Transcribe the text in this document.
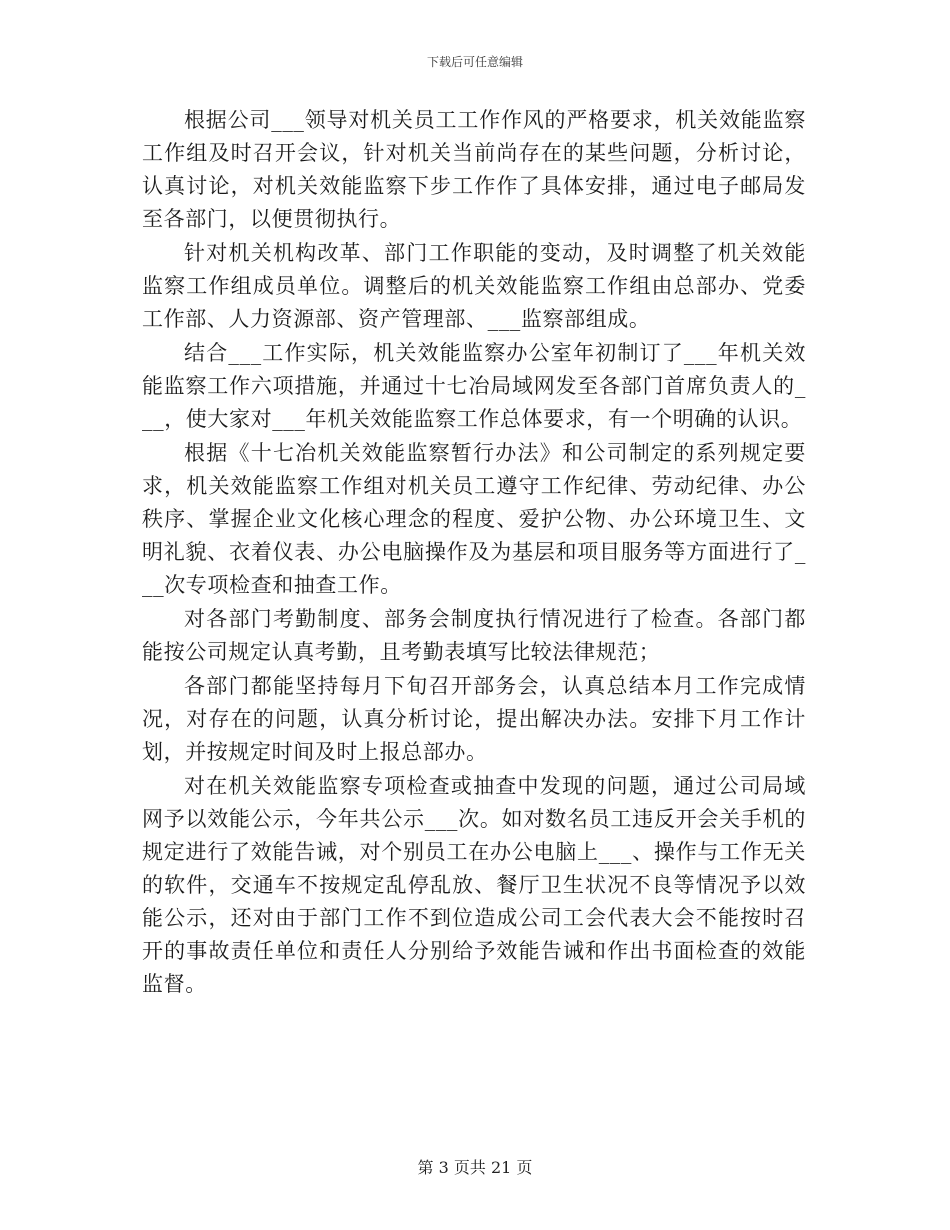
下载后可任意编辑

根据公司___领导对机关员工工作作风的严格要求，机关效能监察工作组及时召开会议，针对机关当前尚存在的某些问题，分析讨论，认真讨论，对机关效能监察下步工作作了具体安排，通过电子邮局发至各部门，以便贯彻执行。

针对机关机构改革、部门工作职能的变动，及时调整了机关效能监察工作组成员单位。调整后的机关效能监察工作组由总部办、党委工作部、人力资源部、资产管理部、___监察部组成。

结合___工作实际，机关效能监察办公室年初制订了___年机关效能监察工作六项措施，并通过十七冶局域网发至各部门首席负责人的___，使大家对___年机关效能监察工作总体要求，有一个明确的认识。

根据《十七冶机关效能监察暂行办法》和公司制定的系列规定要求，机关效能监察工作组对机关员工遵守工作纪律、劳动纪律、办公秩序、掌握企业文化核心理念的程度、爱护公物、办公环境卫生、文明礼貌、衣着仪表、办公电脑操作及为基层和项目服务等方面进行了___次专项检查和抽查工作。

对各部门考勤制度、部务会制度执行情况进行了检查。各部门都能按公司规定认真考勤，且考勤表填写比较法律规范；

各部门都能坚持每月下旬召开部务会，认真总结本月工作完成情况，对存在的问题，认真分析讨论，提出解决办法。安排下月工作计划，并按规定时间及时上报总部办。

对在机关效能监察专项检查或抽查中发现的问题，通过公司局域网予以效能公示，今年共公示___次。如对数名员工违反开会关手机的规定进行了效能告诫，对个别员工在办公电脑上___、操作与工作无关的软件，交通车不按规定乱停乱放、餐厅卫生状况不良等情况予以效能公示，还对由于部门工作不到位造成公司工会代表大会不能按时召开的事故责任单位和责任人分别给予效能告诫和作出书面检查的效能监督。

第 3 页共 21 页
